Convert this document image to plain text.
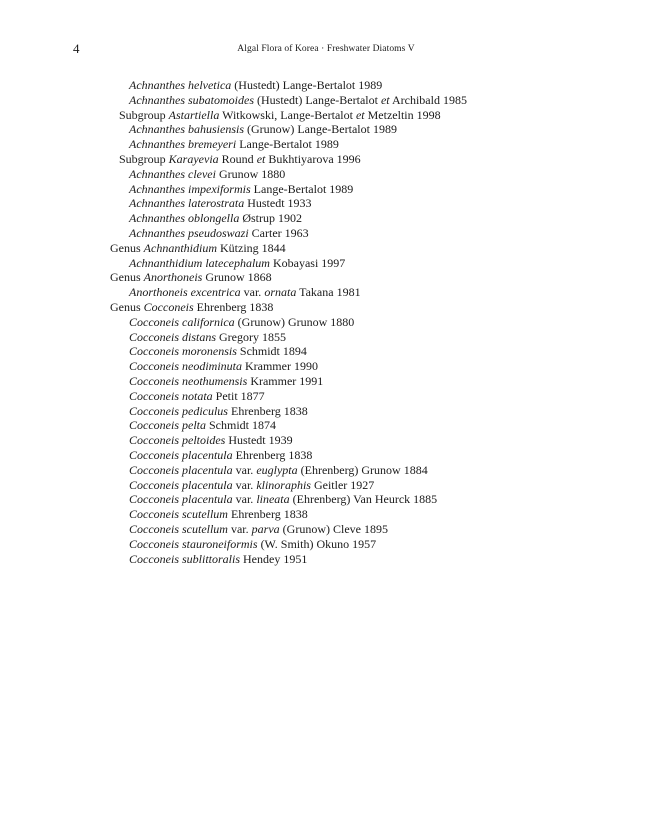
4	Algal Flora of Korea · Freshwater Diatoms V
Achnanthes helvetica (Hustedt) Lange-Bertalot 1989
Achnanthes subatomoides (Hustedt) Lange-Bertalot et Archibald 1985
Subgroup Astartiella Witkowski, Lange-Bertalot et Metzeltin 1998
Achnanthes bahusiensis (Grunow) Lange-Bertalot 1989
Achnanthes bremeyeri Lange-Bertalot 1989
Subgroup Karayevia Round et Bukhtiyarova 1996
Achnanthes clevei Grunow 1880
Achnanthes impexiformis Lange-Bertalot 1989
Achnanthes laterostrata Hustedt 1933
Achnanthes oblongella Østrup 1902
Achnanthes pseudoswazi Carter 1963
Genus Achnanthidium Kützing 1844
Achnanthidium latecephalum Kobayasi 1997
Genus Anorthoneis Grunow 1868
Anorthoneis excentrica var. ornata Takana 1981
Genus Cocconeis Ehrenberg 1838
Cocconeis californica (Grunow) Grunow 1880
Cocconeis distans Gregory 1855
Cocconeis moronensis Schmidt 1894
Cocconeis neodiminuta Krammer 1990
Cocconeis neothumensis Krammer 1991
Cocconeis notata Petit 1877
Cocconeis pediculus Ehrenberg 1838
Cocconeis pelta Schmidt 1874
Cocconeis peltoides Hustedt 1939
Cocconeis placentula Ehrenberg 1838
Cocconeis placentula var. euglypta (Ehrenberg) Grunow 1884
Cocconeis placentula var. klinoraphis Geitler 1927
Cocconeis placentula var. lineata (Ehrenberg) Van Heurck 1885
Cocconeis scutellum Ehrenberg 1838
Cocconeis scutellum var. parva (Grunow) Cleve 1895
Cocconeis stauroneiformis (W. Smith) Okuno 1957
Cocconeis sublittoralis Hendey 1951
